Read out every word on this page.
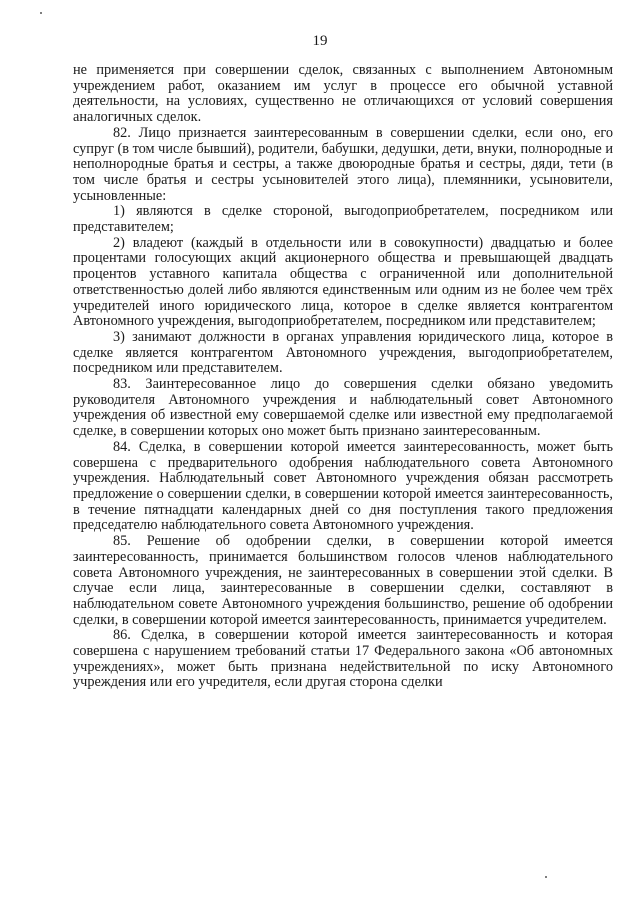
19

не применяется при совершении сделок, связанных с выполнением Автономным учреждением работ, оказанием им услуг в процессе его обычной уставной деятельности, на условиях, существенно не отличающихся от условий совершения аналогичных сделок.

82. Лицо признается заинтересованным в совершении сделки, если оно, его супруг (в том числе бывший), родители, бабушки, дедушки, дети, внуки, полнородные и неполнородные братья и сестры, а также двоюродные братья и сестры, дяди, тети (в том числе братья и сестры усыновителей этого лица), племянники, усыновители, усыновленные:

1) являются в сделке стороной, выгодоприобретателем, посредником или представителем;

2) владеют (каждый в отдельности или в совокупности) двадцатью и более процентами голосующих акций акционерного общества и превышающей двадцать процентов уставного капитала общества с ограниченной или дополнительной ответственностью долей либо являются единственным или одним из не более чем трёх учредителей иного юридического лица, которое в сделке является контрагентом Автономного учреждения, выгодоприобретателем, посредником или представителем;

3) занимают должности в органах управления юридического лица, которое в сделке является контрагентом Автономного учреждения, выгодоприобретателем, посредником или представителем.

83. Заинтересованное лицо до совершения сделки обязано уведомить руководителя Автономного учреждения и наблюдательный совет Автономного учреждения об известной ему совершаемой сделке или известной ему предполагаемой сделке, в совершении которых оно может быть признано заинтересованным.

84. Сделка, в совершении которой имеется заинтересованность, может быть совершена с предварительного одобрения наблюдательного совета Автономного учреждения. Наблюдательный совет Автономного учреждения обязан рассмотреть предложение о совершении сделки, в совершении которой имеется заинтересованность, в течение пятнадцати календарных дней со дня поступления такого предложения председателю наблюдательного совета Автономного учреждения.

85. Решение об одобрении сделки, в совершении которой имеется заинтересованность, принимается большинством голосов членов наблюдательного совета Автономного учреждения, не заинтересованных в совершении этой сделки. В случае если лица, заинтересованные в совершении сделки, составляют в наблюдательном совете Автономного учреждения большинство, решение об одобрении сделки, в совершении которой имеется заинтересованность, принимается учредителем.

86. Сделка, в совершении которой имеется заинтересованность и которая совершена с нарушением требований статьи 17 Федерального закона «Об автономных учреждениях», может быть признана недействительной по иску Автономного учреждения или его учредителя, если другая сторона сделки
